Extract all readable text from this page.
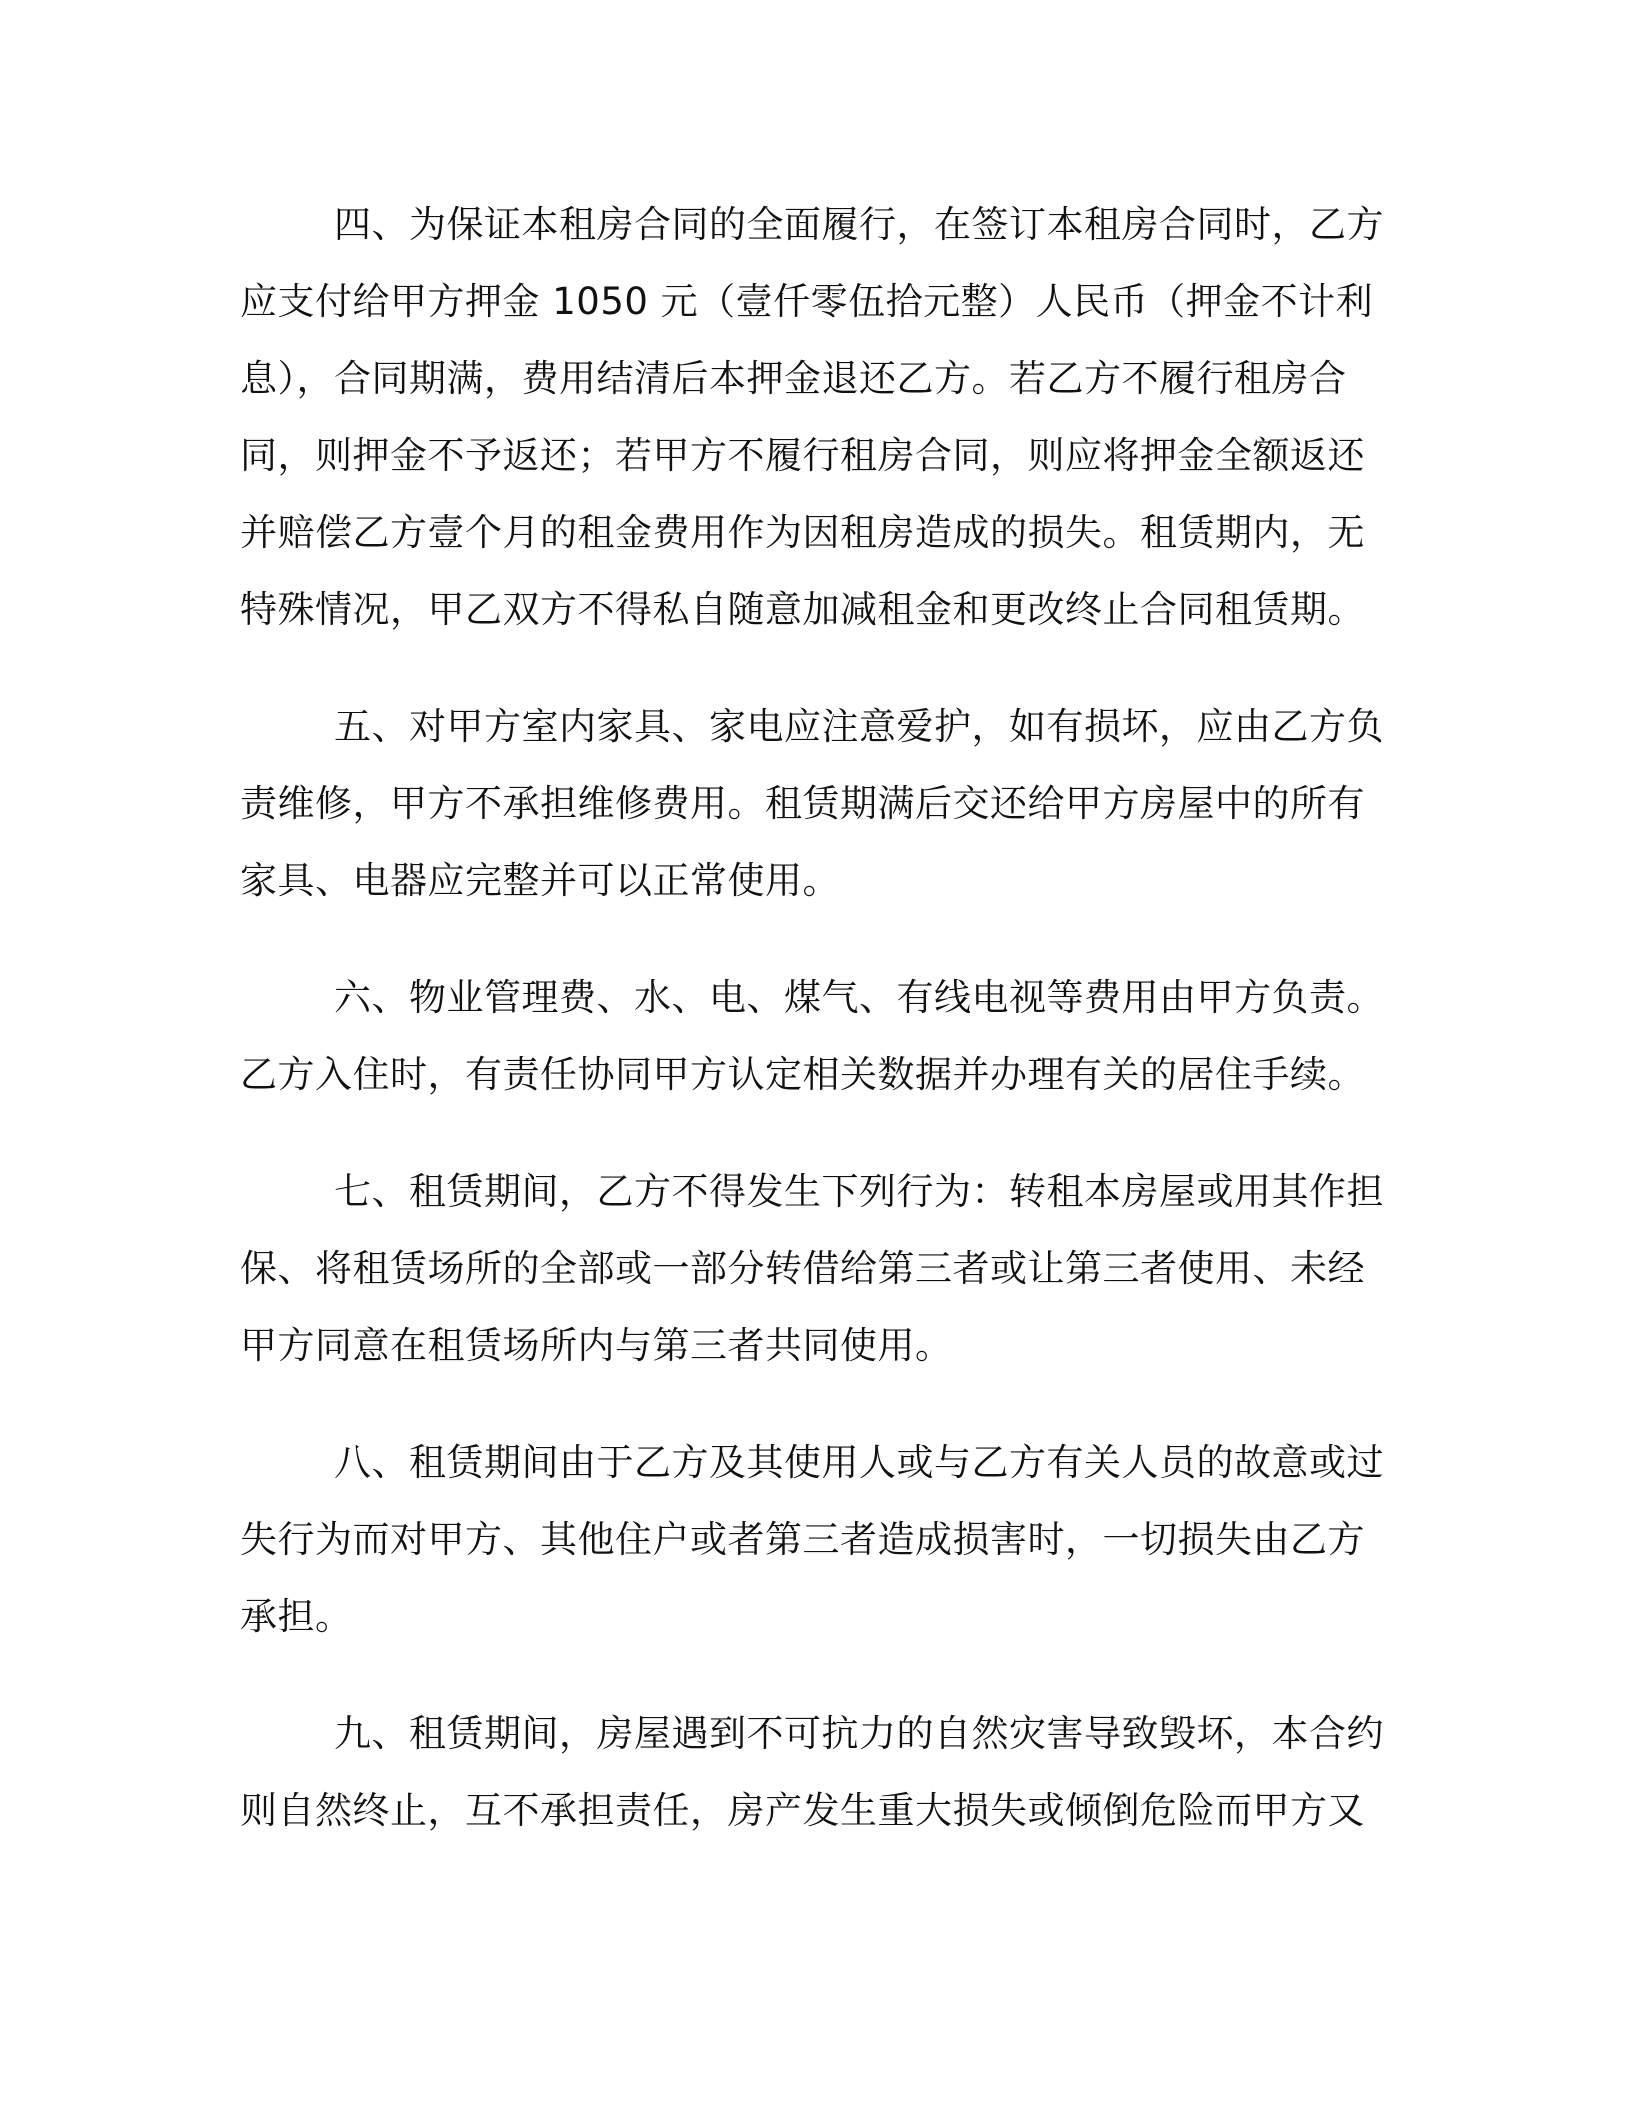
四、为保证本租房合同的全面履行，在签订本租房合同时，乙方
应支付给甲方押金 1050 元（壹仟零伍拾元整）人民币（押金不计利
息），合同期满，费用结清后本押金退还乙方。若乙方不履行租房合
同，则押金不予返还；若甲方不履行租房合同，则应将押金全额返还
并赔偿乙方壹个月的租金费用作为因租房造成的损失。租赁期内，无
特殊情况，甲乙双方不得私自随意加减租金和更改终止合同租赁期。
五、对甲方室内家具、家电应注意爱护，如有损坏，应由乙方负
责维修，甲方不承担维修费用。租赁期满后交还给甲方房屋中的所有
家具、电器应完整并可以正常使用。
六、物业管理费、水、电、煤气、有线电视等费用由甲方负责。
乙方入住时，有责任协同甲方认定相关数据并办理有关的居住手续。
七、租赁期间，乙方不得发生下列行为：转租本房屋或用其作担
保、将租赁场所的全部或一部分转借给第三者或让第三者使用、未经
甲方同意在租赁场所内与第三者共同使用。
八、租赁期间由于乙方及其使用人或与乙方有关人员的故意或过
失行为而对甲方、其他住户或者第三者造成损害时，一切损失由乙方
承担。
九、租赁期间，房屋遇到不可抗力的自然灾害导致毁坏，本合约
则自然终止，互不承担责任，房产发生重大损失或倾倒危险而甲方又
